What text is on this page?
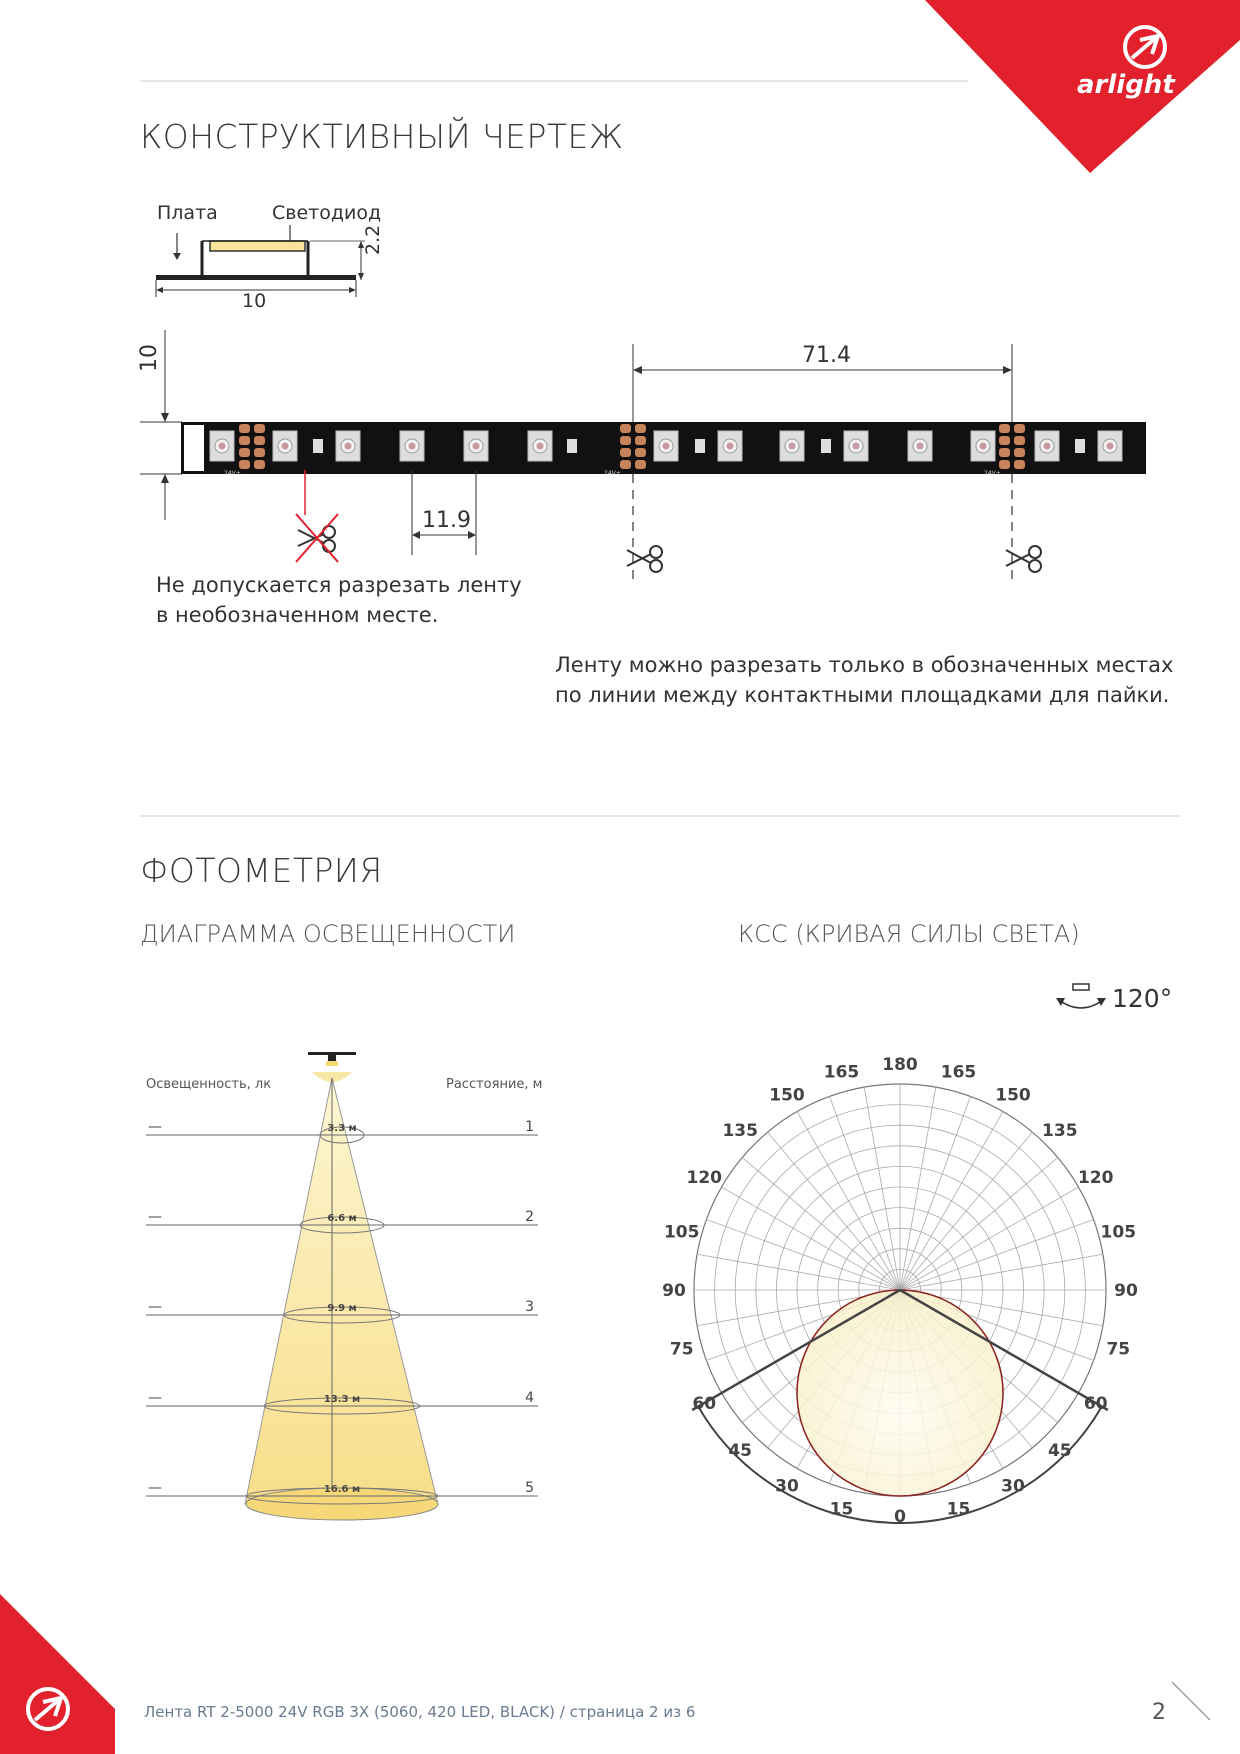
arlight
КОНСТРУКТИВНЫЙ ЧЕРТЕЖ
Плата	Светодиод
10
2.2
24V+	24V+	24V+
10	71.4
11.9
Не допускается разрезать ленту
в необозначенном месте.
Ленту можно разрезать только в обозначенных местах
по линии между контактными площадками для пайки.
ФОТОМЕТРИЯ
ДИАГРАММА ОСВЕЩЕННОСТИ	КСС (КРИВАЯ СИЛЫ СВЕТА)
120°
Освещенность, лк	Расстояние, м
—	3.3 м	1
—	6.6 м	2
—	9.9 м	3
—	13.3 м	4
—	16.6 м	5
0
15
30
45
60
75
90
105
120
135
150
165 180
15
30
45
60
75
90
105
120
135
150
165
Лента RT 2-5000 24V RGB 3X (5060, 420 LED, BLACK) / страница 2 из 6	2
